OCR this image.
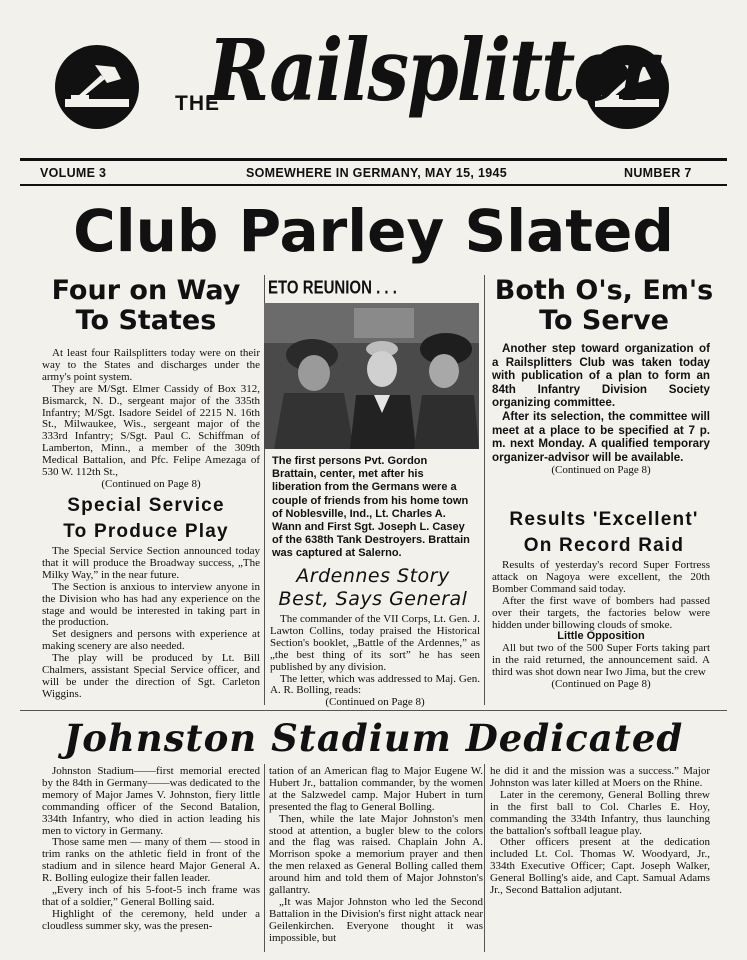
THE
Railsplitter
VOLUME 3	SOMEWHERE IN GERMANY, MAY 15, 1945	NUMBER 7
Club Parley Slated
Four on Way
To States

At least four Railsplitters today were on their way to the States and discharges under the army's point system.

They are M/Sgt. Elmer Cassidy of Box 312, Bismarck, N. D., sergeant major of the 335th Infantry; M/Sgt. Isadore Seidel of 2215 N. 16th St., Milwaukee, Wis., sergeant major of the 333rd Infantry; S/Sgt. Paul C. Schiffman of Lamberton, Minn., a member of the 309th Medical Battalion, and Pfc. Felipe Amezaga of 530 W. 112th St.,

(Continued on Page 8)

Special Service
To Produce Play

The Special Service Section announced today that it will produce the Broadway success, „The Milky Way,” in the near future.

The Section is anxious to interview anyone in the Division who has had any experience on the stage and would be interested in taking part in the production.

Set designers and persons with experience at making scenery are also needed.

The play will be produced by Lt. Bill Chalmers, assistant Special Service officer, and will be under the direction of Sgt. Carleton Wiggins.

ETO REUNION . . .
The first persons Pvt. Gordon Brattain, center, met after his liberation from the Germans were a couple of friends from his home town of Noblesville, Ind., Lt. Charles A. Wann and First Sgt. Joseph L. Casey of the 638th Tank Destroyers. Brattain was captured at Salerno.
Ardennes Story
Best, Says General

The commander of the VII Corps, Lt. Gen. J. Lawton Collins, today praised the Historical Section's booklet, „Battle of the Ardennes,” as „the best thing of its sort” he has seen published by any division.

The letter, which was addressed to Maj. Gen. A. R. Bolling, reads:

(Continued on Page 8)

Both O's, Em's
To Serve

Another step toward organization of a Railsplitters Club was taken today with publication of a plan to form an 84th Infantry Division Society organizing committee.

After its selection, the committee will meet at a place to be specified at 7 p. m. next Monday. A qualified temporary organizer-advisor will be available.

(Continued on Page 8)

Results 'Excellent'
On Record Raid

Results of yesterday's record Super Fortress attack on Nagoya were excellent, the 20th Bomber Command said today.

After the first wave of bombers had passed over their targets, the factories below were hidden under billowing clouds of smoke.

Little Opposition

All but two of the 500 Super Forts taking part in the raid returned, the announcement said. A third was shot down near Iwo Jima, but the crew

(Continued on Page 8)

Johnston Stadium Dedicated

Johnston Stadium——first memorial erected by the 84th in Germany——was dedicated to the memory of Major James V. Johnston, fiery little commanding officer of the Second Batalion, 334th Infantry, who died in action leading his men to victory in Germany.

Those same men — many of them — stood in trim ranks on the athletic field in front of the stadium and in silence heard Major General A. R. Bolling eulogize their fallen leader.

„Every inch of his 5-foot-5 inch frame was that of a soldier,” General Bolling said.

Highlight of the ceremony, held under a cloudless summer sky, was the presen-

tation of an American flag to Major Eugene W. Hubert Jr., battalion commander, by the women at the Salzwedel camp. Major Hubert in turn presented the flag to General Bolling.

Then, while the late Major Johnston's men stood at attention, a bugler blew to the colors and the flag was raised. Chaplain John A. Morrison spoke a memorium prayer and then the men relaxed as General Bolling called them around him and told them of Major Johnston's gallantry.

„It was Major Johnston who led the Second Battalion in the Division's first night attack near Geilenkirchen. Everyone thought it was impossible, but

he did it and the mission was a success.” Major Johnston was later killed at Moers on the Rhine.

Later in the ceremony, General Bolling threw in the first ball to Col. Charles E. Hoy, commanding the 334th Infantry, thus launching the battalion's softball league play.

Other officers present at the dedication included Lt. Col. Thomas W. Woodyard, Jr., 334th Executive Officer; Capt. Joseph Walker, General Bolling's aide, and Capt. Samual Adams Jr., Second Battalion adjutant.
